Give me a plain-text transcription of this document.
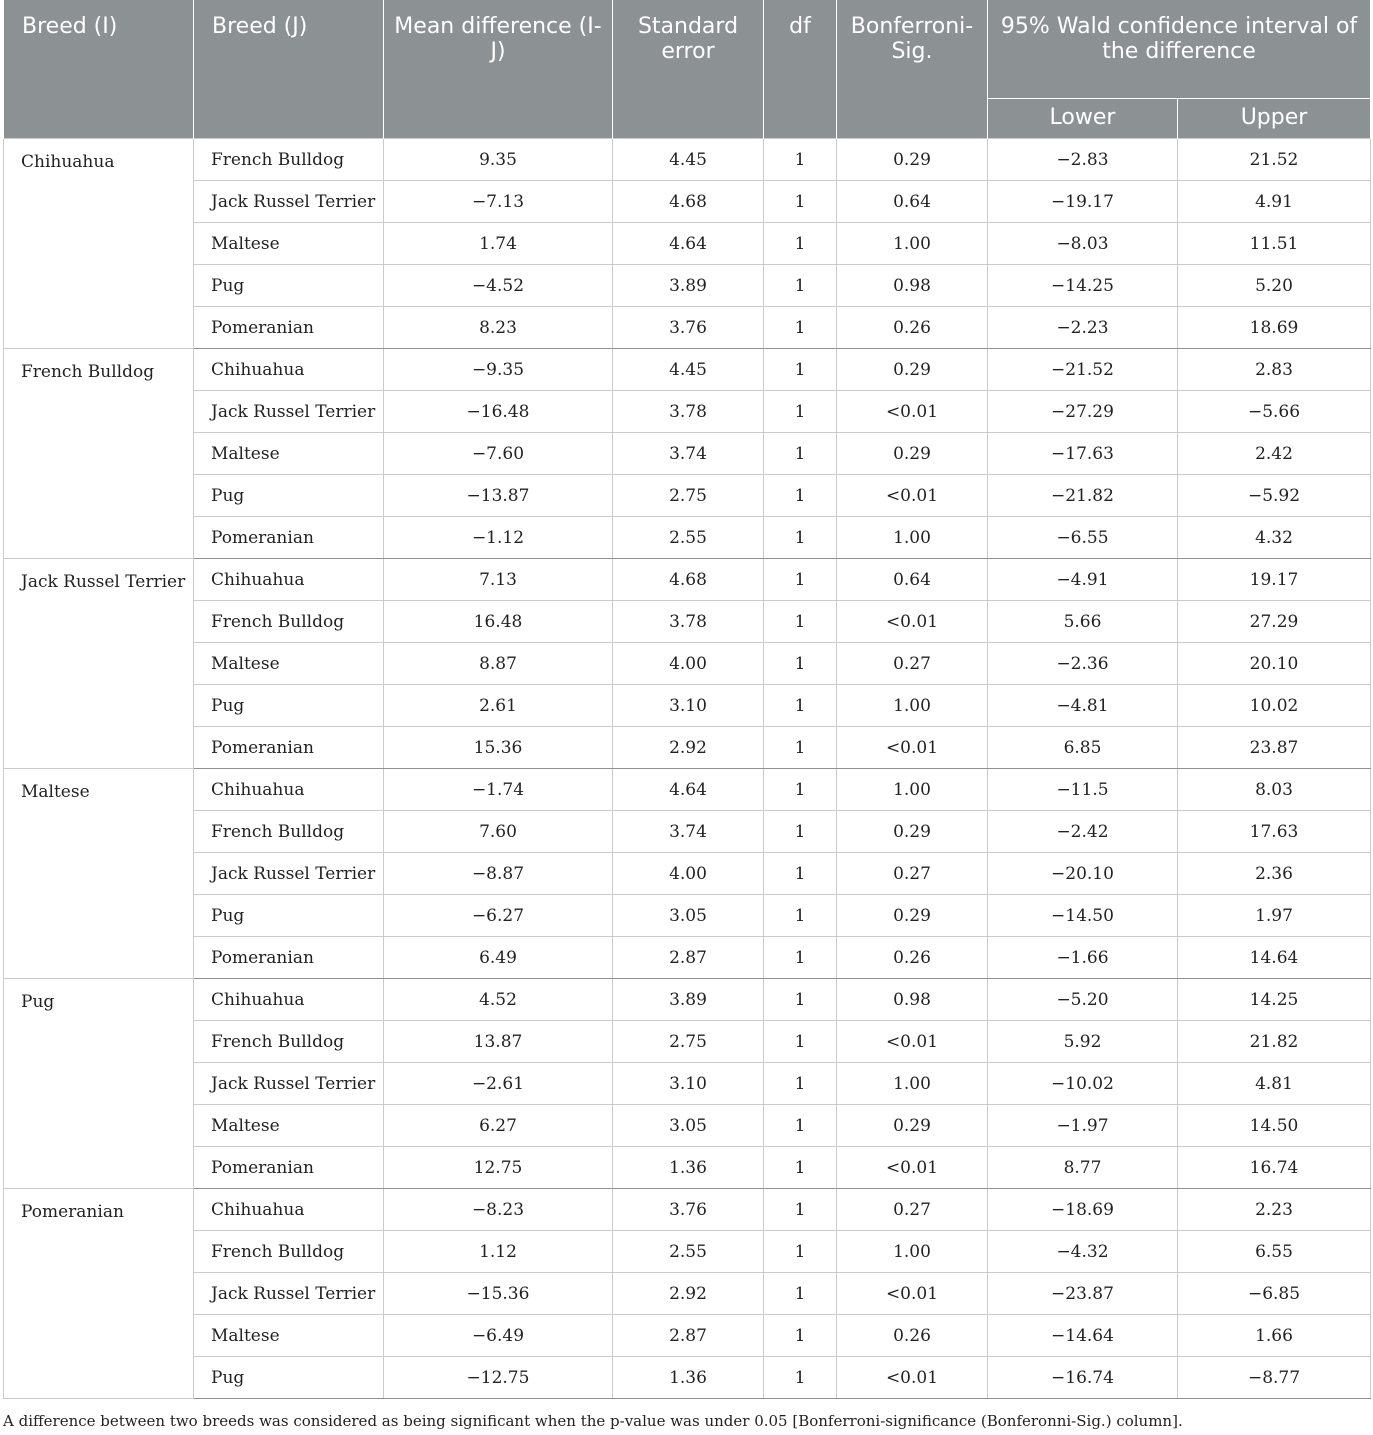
Breed (I)	Breed (J)	Mean difference (I-J)	Standard error	df	Bonferroni-Sig.	95% Wald confidence interval of the difference	
						Lower	Upper
Chihuahua	French Bulldog	9.35	4.45	1	0.29	−2.83	21.52
	Jack Russel Terrier	−7.13	4.68	1	0.64	−19.17	4.91
	Maltese	1.74	4.64	1	1.00	−8.03	11.51
	Pug	−4.52	3.89	1	0.98	−14.25	5.20
	Pomeranian	8.23	3.76	1	0.26	−2.23	18.69
French Bulldog	Chihuahua	−9.35	4.45	1	0.29	−21.52	2.83
	Jack Russel Terrier	−16.48	3.78	1	<0.01	−27.29	−5.66
	Maltese	−7.60	3.74	1	0.29	−17.63	2.42
	Pug	−13.87	2.75	1	<0.01	−21.82	−5.92
	Pomeranian	−1.12	2.55	1	1.00	−6.55	4.32
Jack Russel Terrier	Chihuahua	7.13	4.68	1	0.64	−4.91	19.17
	French Bulldog	16.48	3.78	1	<0.01	5.66	27.29
	Maltese	8.87	4.00	1	0.27	−2.36	20.10
	Pug	2.61	3.10	1	1.00	−4.81	10.02
	Pomeranian	15.36	2.92	1	<0.01	6.85	23.87
Maltese	Chihuahua	−1.74	4.64	1	1.00	−11.5	8.03
	French Bulldog	7.60	3.74	1	0.29	−2.42	17.63
	Jack Russel Terrier	−8.87	4.00	1	0.27	−20.10	2.36
	Pug	−6.27	3.05	1	0.29	−14.50	1.97
	Pomeranian	6.49	2.87	1	0.26	−1.66	14.64
Pug	Chihuahua	4.52	3.89	1	0.98	−5.20	14.25
	French Bulldog	13.87	2.75	1	<0.01	5.92	21.82
	Jack Russel Terrier	−2.61	3.10	1	1.00	−10.02	4.81
	Maltese	6.27	3.05	1	0.29	−1.97	14.50
	Pomeranian	12.75	1.36	1	<0.01	8.77	16.74
Pomeranian	Chihuahua	−8.23	3.76	1	0.27	−18.69	2.23
	French Bulldog	1.12	2.55	1	1.00	−4.32	6.55
	Jack Russel Terrier	−15.36	2.92	1	<0.01	−23.87	−6.85
	Maltese	−6.49	2.87	1	0.26	−14.64	1.66
	Pug	−12.75	1.36	1	<0.01	−16.74	−8.77
A difference between two breeds was considered as being significant when the p-value was under 0.05 [Bonferroni-significance (Bonferonni-Sig.) column].
